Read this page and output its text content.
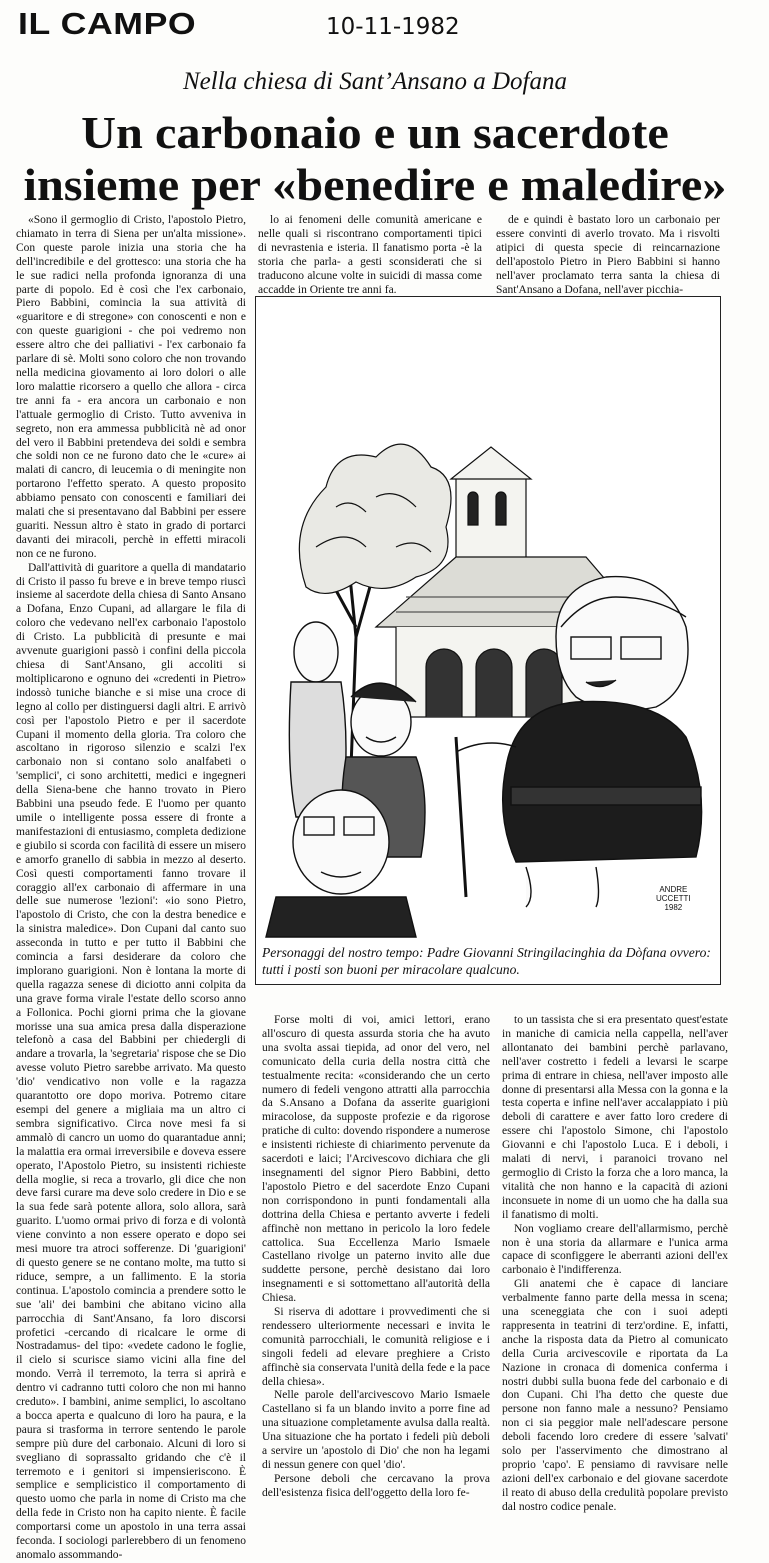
IL CAMPO	10-11-1982
Nella chiesa di Sant’Ansano a Dofana
Un carbonaio e un sacerdote
insieme per «benedire e maledire»

«Sono il germoglio di Cristo, l'apostolo Pietro, chiamato in terra di Siena per un'alta missione». Con queste parole inizia una storia che ha dell'incredibile e del grottesco: una storia che ha le sue radici nella profonda ignoranza di una parte di popolo. Ed è così che l'ex carbonaio, Piero Babbini, comincia la sua attività di «guaritore e di stregone» con conoscenti e non e con queste guarigioni - che poi vedremo non essere altro che dei palliativi - l'ex carbonaio fa parlare di sè. Molti sono coloro che non trovando nella medicina giovamento ai loro dolori o alle loro malattie ricorsero a quello che allora - circa tre anni fa - era ancora un carbonaio e non l'attuale germoglio di Cristo. Tutto avveniva in segreto, non era ammessa pubblicità nè ad onor del vero il Babbini pretendeva dei soldi e sembra che soldi non ce ne furono dato che le «cure» ai malati di cancro, di leucemia o di meningite non portarono l'effetto sperato. A questo proposito abbiamo pensato con conoscenti e familiari dei malati che si presentavano dal Babbini per essere guariti. Nessun altro è stato in grado di portarci davanti dei miracoli, perchè in effetti miracoli non ce ne furono.

Dall'attività di guaritore a quella di mandatario di Cristo il passo fu breve e in breve tempo riuscì insieme al sacerdote della chiesa di Santo Ansano a Dofana, Enzo Cupani, ad allargare le fila di coloro che vedevano nell'ex carbonaio l'apostolo di Cristo. La pubblicità di presunte e mai avvenute guarigioni passò i confini della piccola chiesa di Sant'Ansano, gli accoliti si moltiplicarono e ognuno dei «credenti in Pietro» indossò tuniche bianche e si mise una croce di legno al collo per distinguersi dagli altri. E arrivò così per l'apostolo Pietro e per il sacerdote Cupani il momento della gloria. Tra coloro che ascoltano in rigoroso silenzio e scalzi l'ex carbonaio non si contano solo analfabeti o 'semplici', ci sono architetti, medici e ingegneri della Siena-bene che hanno trovato in Piero Babbini una pseudo fede. E l'uomo per quanto umile o intelligente possa essere di fronte a manifestazioni di entusiasmo, completa dedizione e giubilo si scorda con facilità di essere un misero e amorfo granello di sabbia in mezzo al deserto. Così questi comportamenti fanno trovare il coraggio all'ex carbonaio di affermare in una delle sue numerose 'lezioni': «io sono Pietro, l'apostolo di Cristo, che con la destra benedice e la sinistra maledice». Don Cupani dal canto suo asseconda in tutto e per tutto il Babbini che comincia a farsi desiderare da coloro che implorano guarigioni. Non è lontana la morte di quella ragazza senese di diciotto anni colpita da una grave forma virale l'estate dello scorso anno a Follonica. Pochi giorni prima che la giovane morisse una sua amica presa dalla disperazione telefonò a casa del Babbini per chiedergli di andare a trovarla, la 'segretaria' rispose che se Dio avesse voluto Pietro sarebbe arrivato. Ma questo 'dio' vendicativo non volle e la ragazza quarantotto ore dopo moriva. Potremo citare esempi del genere a migliaia ma un altro ci sembra significativo. Circa nove mesi fa si ammalò di cancro un uomo do quarantadue anni; la malattia era ormai irreversibile e doveva essere operato, l'Apostolo Pietro, su insistenti richieste della moglie, si reca a trovarlo, gli dice che non deve farsi curare ma deve solo credere in Dio e se la sua fede sarà potente allora, solo allora, sarà guarito. L'uomo ormai privo di forza e di volontà viene convinto a non essere operato e dopo sei mesi muore tra atroci sofferenze. Di 'guarigioni' di questo genere se ne contano molte, ma tutto si riduce, sempre, a un fallimento. E la storia continua. L'apostolo comincia a prendere sotto le sue 'ali' dei bambini che abitano vicino alla parrocchia di Sant'Ansano, fa loro discorsi profetici -cercando di ricalcare le orme di Nostradamus- del tipo: «vedete cadono le foglie, il cielo si scurisce siamo vicini alla fine del mondo. Verrà il terremoto, la terra si aprirà e dentro vi cadranno tutti coloro che non mi hanno creduto». I bambini, anime semplici, lo ascoltano a bocca aperta e qualcuno di loro ha paura, e la paura si trasforma in terrore sentendo le parole sempre più dure del carbonaio. Alcuni di loro si svegliano di soprassalto gridando che c'è il terremoto e i genitori si impensieriscono. È semplice e semplicistico il comportamento di questo uomo che parla in nome di Cristo ma che della fede in Cristo non ha capito niente. È facile comportarsi come un apostolo in una terra assai feconda. I sociologi parlerebbero di un fenomeno anomalo assommando-

lo ai fenomeni delle comunità americane e nelle quali si riscontrano comportamenti tipici di nevrastenia e isteria. Il fanatismo porta -è la storia che parla- a gesti sconsiderati che si traducono alcune volte in suicidi di massa come accadde in Oriente tre anni fa.

de e quindi è bastato loro un carbonaio per essere convinti di averlo trovato. Ma i risvolti atipici di questa specie di reincarnazione dell'apostolo Pietro in Piero Babbini si hanno nell'aver proclamato terra santa la chiesa di Sant'Ansano a Dofana, nell'aver picchia-

ANDRE
UCCETTI
1982
Personaggi del nostro tempo: Padre Giovanni Stringilacinghia da Dòfana ovvero: tutti i posti son buoni per miracolare qualcuno.

Forse molti di voi, amici lettori, erano all'oscuro di questa assurda storia che ha avuto una svolta assai tiepida, ad onor del vero, nel comunicato della curia della nostra città che testualmente recita: «considerando che un certo numero di fedeli vengono attratti alla parrocchia da S.Ansano a Dofana da asserite guarigioni miracolose, da supposte profezie e da rigorose pratiche di culto: dovendo rispondere a numerose e insistenti richieste di chiarimento pervenute da sacerdoti e laici; l'Arcivescovo dichiara che gli insegnamenti del signor Piero Babbini, detto l'apostolo Pietro e del sacerdote Enzo Cupani non corrispondono in punti fondamentali alla dottrina della Chiesa e pertanto avverte i fedeli affinchè non mettano in pericolo la loro fedele cattolica. Sua Eccellenza Mario Ismaele Castellano rivolge un paterno invito alle due suddette persone, perchè desistano dai loro insegnamenti e si sottomettano all'autorità della Chiesa.

Si riserva di adottare i provvedimenti che si rendessero ulteriormente necessari e invita le comunità parrocchiali, le comunità religiose e i singoli fedeli ad elevare preghiere a Cristo affinchè sia conservata l'unità della fede e la pace della chiesa».

Nelle parole dell'arcivescovo Mario Ismaele Castellano si fa un blando invito a porre fine ad una situazione completamente avulsa dalla realtà. Una situazione che ha portato i fedeli più deboli a servire un 'apostolo di Dio' che non ha legami di nessun genere con quel 'dio'.

Persone deboli che cercavano la prova dell'esistenza fisica dell'oggetto della loro fe-

to un tassista che si era presentato quest'estate in maniche di camicia nella cappella, nell'aver allontanato dei bambini perchè parlavano, nell'aver costretto i fedeli a levarsi le scarpe prima di entrare in chiesa, nell'aver imposto alle donne di presentarsi alla Messa con la gonna e la testa coperta e infine nell'aver accalappiato i più deboli di carattere e aver fatto loro credere di essere chi l'apostolo Simone, chi l'apostolo Giovanni e chi l'apostolo Luca. E i deboli, i malati di nervi, i paranoici trovano nel germoglio di Cristo la forza che a loro manca, la vitalità che non hanno e la capacità di azioni inconsuete in nome di un uomo che ha dalla sua il fanatismo di molti.

Non vogliamo creare dell'allarmismo, perchè non è una storia da allarmare e l'unica arma capace di sconfiggere le aberranti azioni dell'ex carbonaio è l'indifferenza.

Gli anatemi che è capace di lanciare verbalmente fanno parte della messa in scena; una sceneggiata che con i suoi adepti rappresenta in teatrini di terz'ordine. E, infatti, anche la risposta data da Pietro al comunicato della Curia arcivescovile e riportata da La Nazione in cronaca di domenica conferma i nostri dubbi sulla buona fede del carbonaio e di don Cupani. Chi l'ha detto che queste due persone non fanno male a nessuno? Pensiamo non ci sia peggior male nell'adescare persone deboli facendo loro credere di essere 'salvati' solo per l'asservimento che dimostrano al proprio 'capo'. E pensiamo di ravvisare nelle azioni dell'ex carbonaio e del giovane sacerdote il reato di abuso della credulità popolare previsto dal nostro codice penale.
